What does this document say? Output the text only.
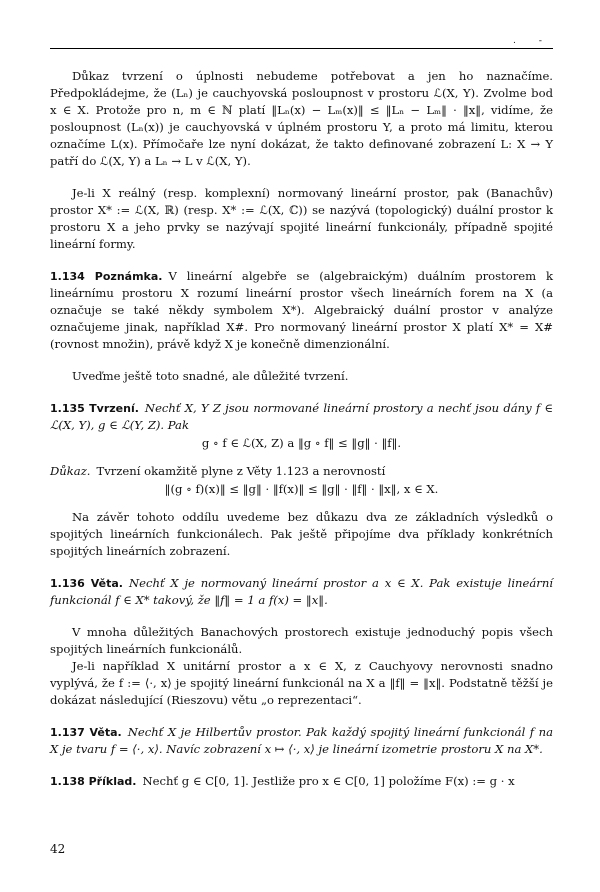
. -

Důkaz tvrzení o úplnosti nebudeme potřebovat a jen ho naznačíme. Předpokládejme, že (Lₙ) je cauchyovská posloupnost v prostoru ℒ(X, Y). Zvolme bod x ∈ X. Protože pro n, m ∈ ℕ platí ‖Lₙ(x) − Lₘ(x)‖ ≤ ‖Lₙ − Lₘ‖ · ‖x‖, vidíme, že posloupnost (Lₙ(x)) je cauchyovská v úplném prostoru Y, a proto má limitu, kterou označíme L(x). Přímočaře lze nyní dokázat, že takto definované zobrazení L: X → Y patří do ℒ(X, Y) a Lₙ → L v ℒ(X, Y).

Je-li X reálný (resp. komplexní) normovaný lineární prostor, pak (Banachův) prostor X* := ℒ(X, ℝ) (resp. X* := ℒ(X, ℂ)) se nazývá (topologický) duální prostor k prostoru X a jeho prvky se nazývají spojité lineární funkcionály, případně spojité lineární formy.

1.134 Poznámka. V lineární algebře se (algebraickým) duálním prostorem k lineárnímu prostoru X rozumí lineární prostor všech lineárních forem na X (a označuje se také někdy symbolem X*). Algebraický duální prostor v analýze označujeme jinak, například X#. Pro normovaný lineární prostor X platí X* = X# (rovnost množin), právě když X je konečně dimenzionální.

Uveďme ještě toto snadné, ale důležité tvrzení.

1.135 Tvrzení. Nechť X, Y Z jsou normované lineární prostory a nechť jsou dány f ∈ ℒ(X, Y), g ∈ ℒ(Y, Z). Pak

g ∘ f ∈ ℒ(X, Z) a ‖g ∘ f‖ ≤ ‖g‖ · ‖f‖.

Důkaz. Tvrzení okamžitě plyne z Věty 1.123 a nerovností

‖(g ∘ f)(x)‖ ≤ ‖g‖ · ‖f(x)‖ ≤ ‖g‖ · ‖f‖ · ‖x‖, x ∈ X.

Na závěr tohoto oddílu uvedeme bez důkazu dva ze základních výsledků o spojitých lineárních funkcionálech. Pak ještě připojíme dva příklady konkrétních spojitých lineárních zobrazení.

1.136 Věta. Nechť X je normovaný lineární prostor a x ∈ X. Pak existuje lineární funkcionál f ∈ X* takový, že ‖f‖ = 1 a f(x) = ‖x‖.

V mnoha důležitých Banachových prostorech existuje jednoduchý popis všech spojitých lineárních funkcionálů.

Je-li například X unitární prostor a x ∈ X, z Cauchyovy nerovnosti snadno vyplývá, že f := ⟨·, x⟩ je spojitý lineární funkcionál na X a ‖f‖ = ‖x‖. Podstatně těžší je dokázat následující (Rieszovu) větu „o reprezentaci“.

1.137 Věta. Nechť X je Hilbertův prostor. Pak každý spojitý lineární funkcionál f na X je tvaru f = ⟨·, x⟩. Navíc zobrazení x ↦ ⟨·, x⟩ je lineární izometrie prostoru X na X*.

1.138 Příklad. Nechť g ∈ C[0, 1]. Jestliže pro x ∈ C[0, 1] položíme F(x) := g · x

42
